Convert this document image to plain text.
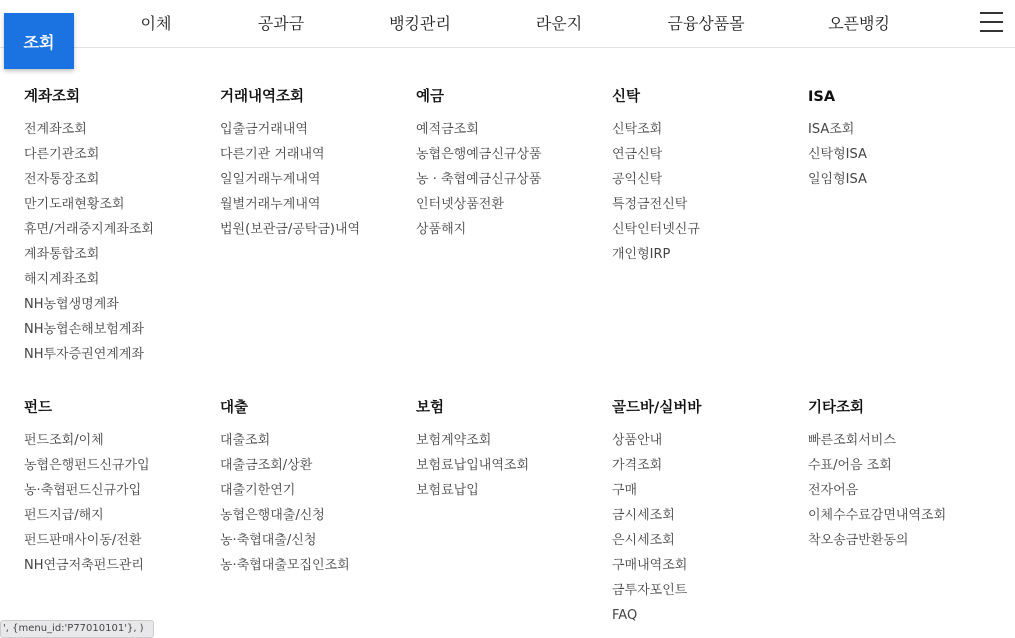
이체	공과금	뱅킹관리	라운지	금융상품몰	오픈뱅킹
조회
계좌조회
전계좌조회
다른기관조회
전자통장조회
만기도래현황조회
휴면/거래중지계좌조회
계좌통합조회
해지계좌조회
NH농협생명계좌
NH농협손해보험계좌
NH투자증권연계계좌
거래내역조회
입출금거래내역
다른기관 거래내역
일일거래누계내역
월별거래누계내역
법원(보관금/공탁금)내역
예금
예적금조회
농협은행예금신규상품
농 · 축협예금신규상품
인터넷상품전환
상품해지
신탁
신탁조회
연금신탁
공익신탁
특정금전신탁
신탁인터넷신규
개인형IRP
ISA
ISA조회
신탁형ISA
일임형ISA
펀드
펀드조회/이체
농협은행펀드신규가입
농·축협펀드신규가입
펀드지급/해지
펀드판매사이동/전환
NH연금저축펀드관리
대출
대출조회
대출금조회/상환
대출기한연기
농협은행대출/신청
농·축협대출/신청
농·축협대출모집인조회
보험
보험계약조회
보험료납입내역조회
보험료납입
골드바/실버바
상품안내
가격조회
구매
금시세조회
은시세조회
구매내역조회
금투자포인트
FAQ
기타조회
빠른조회서비스
수표/어음 조회
전자어음
이체수수료감면내역조회
착오송금반환동의
', {menu_id:'P77010101'}, )
